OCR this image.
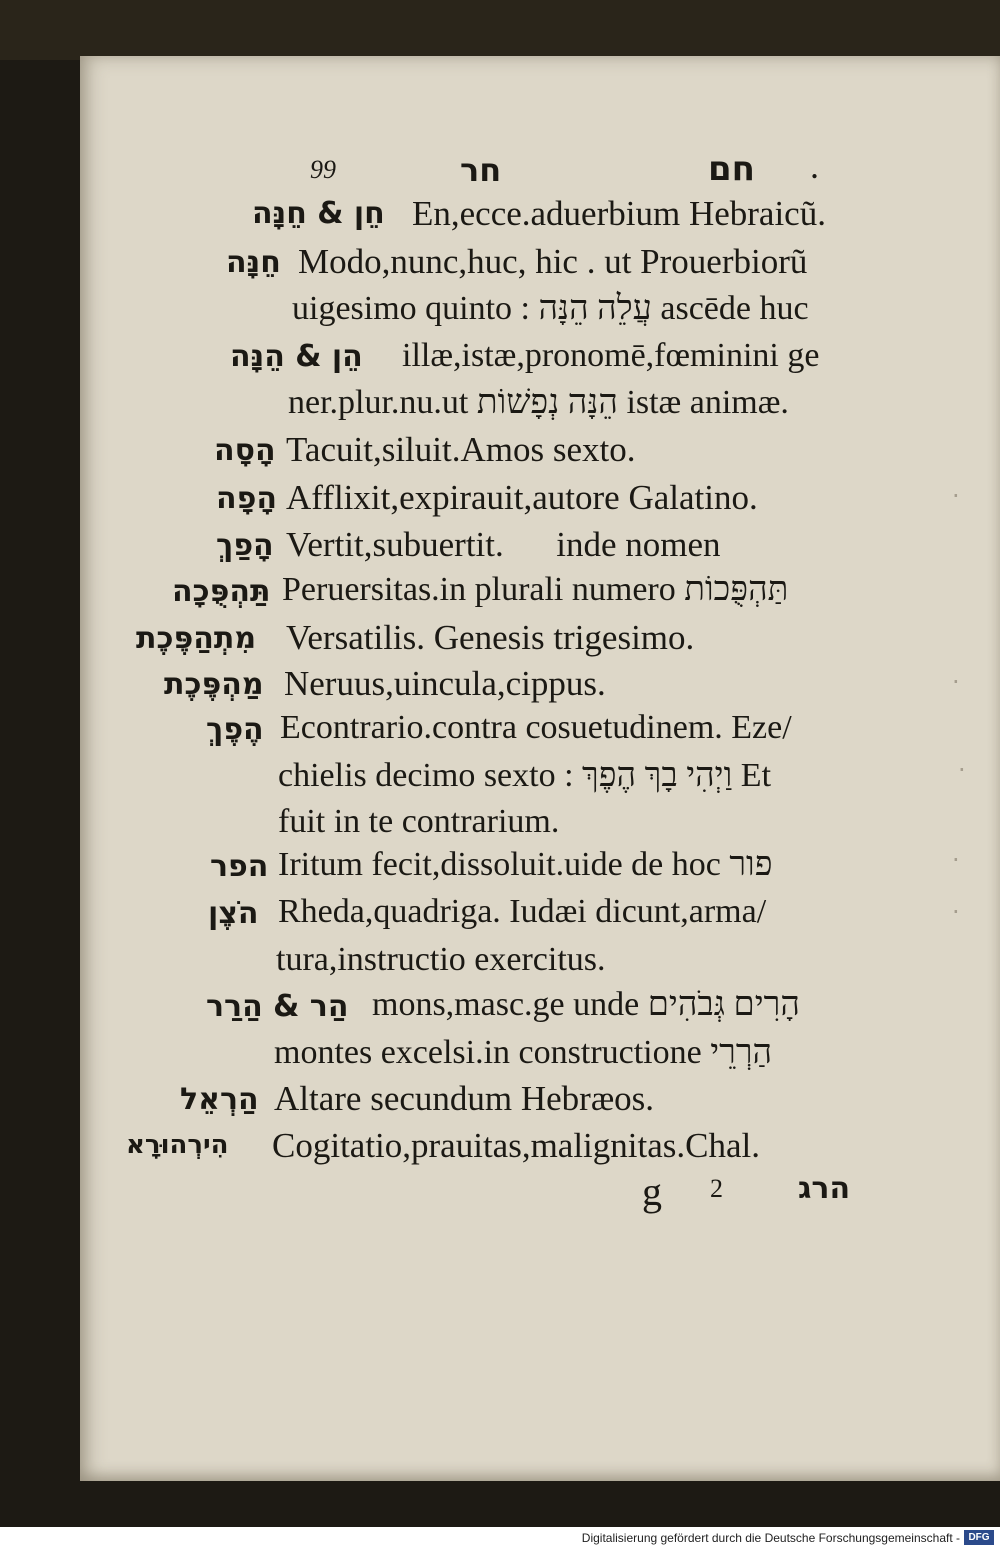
99	חר	חם .
חֵן & חֵנָּה En,ecce.aduerbium Hebraicũ.
חֵנָּה Modo,nunc,huc, hic . ut Prouerbiorũ
uigesimo quinto : עֲלֵה הֵנָּה ascēde huc
הֵן & הֵנָּה illæ,istæ,pronomē,fœminini ge
ner.plur.nu.ut הֵנָּה נְפָשׁוֹת istæ animæ.
הָסָה Tacuit,siluit.Amos sexto.
הָפָה Afflixit,expirauit,autore Galatino.
הָפַךְ Vertit,subuertit.      inde nomen
תַּהְפֻּכָה Peruersitas.in plurali numero תַּהְפֻּכוֹת
מִתְהַפֶּכֶת Versatilis. Genesis trigesimo.
מַהְפֶּכֶת Neruus,uincula,cippus.
הֶפֶךְ Econtrario.contra cosuetudinem. Eze/
chielis decimo sexto : וַיְהִי בָךְ הֶפֶךְ Et
fuit in te contrarium.
הפר Iritum fecit,dissoluit.uide de hoc פור
הֹצֶן Rheda,quadriga. Iudæi dicunt,arma/
tura,instructio exercitus.
הַר & הַרַר mons,masc.ge unde הָרִים גְּבֹהִים
montes excelsi.in constructione הַרְרֵי
הַרְאֵל Altare secundum Hebræos.
הִירְהוּרָא Cogitatio,prauitas,malignitas.Chal.
g 2	הרג
·
·
·
·
·
Digitalisierung gefördert durch die Deutsche Forschungsgemeinschaft - DFG
